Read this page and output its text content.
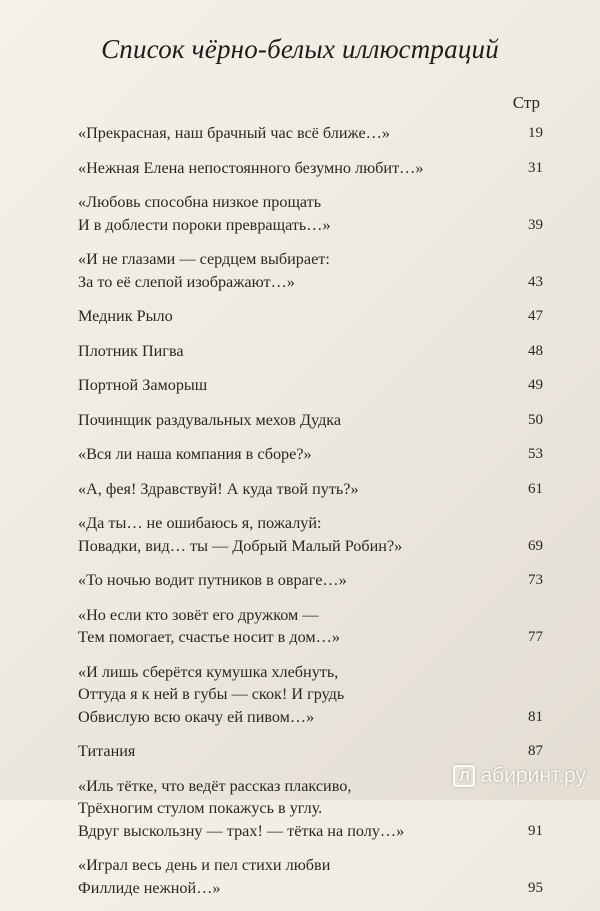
Список чёрно-белых иллюстраций
Стр
«Прекрасная, наш брачный час всё ближе…»	19
«Нежная Елена непостоянного безумно любит…»	31
«Любовь способна низкое прощать
И в доблести пороки превращать…»	39
«И не глазами — сердцем выбирает:
За то её слепой изображают…»	43
Медник Рыло	47
Плотник Пигва	48
Портной Заморыш	49
Починщик раздувальных мехов Дудка	50
«Вся ли наша компания в сборе?»	53
«А, фея! Здравствуй! А куда твой путь?»	61
«Да ты… не ошибаюсь я, пожалуй:
Повадки, вид… ты — Добрый Малый Робин?»	69
«То ночью водит путников в овраге…»	73
«Но если кто зовёт его дружком —
Тем помогает, счастье носит в дом…»	77
«И лишь сберётся кумушка хлебнуть,
Оттуда я к ней в губы — скок! И грудь
Обвислую всю окачу ей пивом…»	81
Титания	87
«Иль тётке, что ведёт рассказ плаксиво,
Трёхногим стулом покажусь в углу.
Вдруг выскользну — трах! — тётка на полу…»	91
«Играл весь день и пел стихи любви
Филлиде нежной…»	95
Л абиринт.ру
